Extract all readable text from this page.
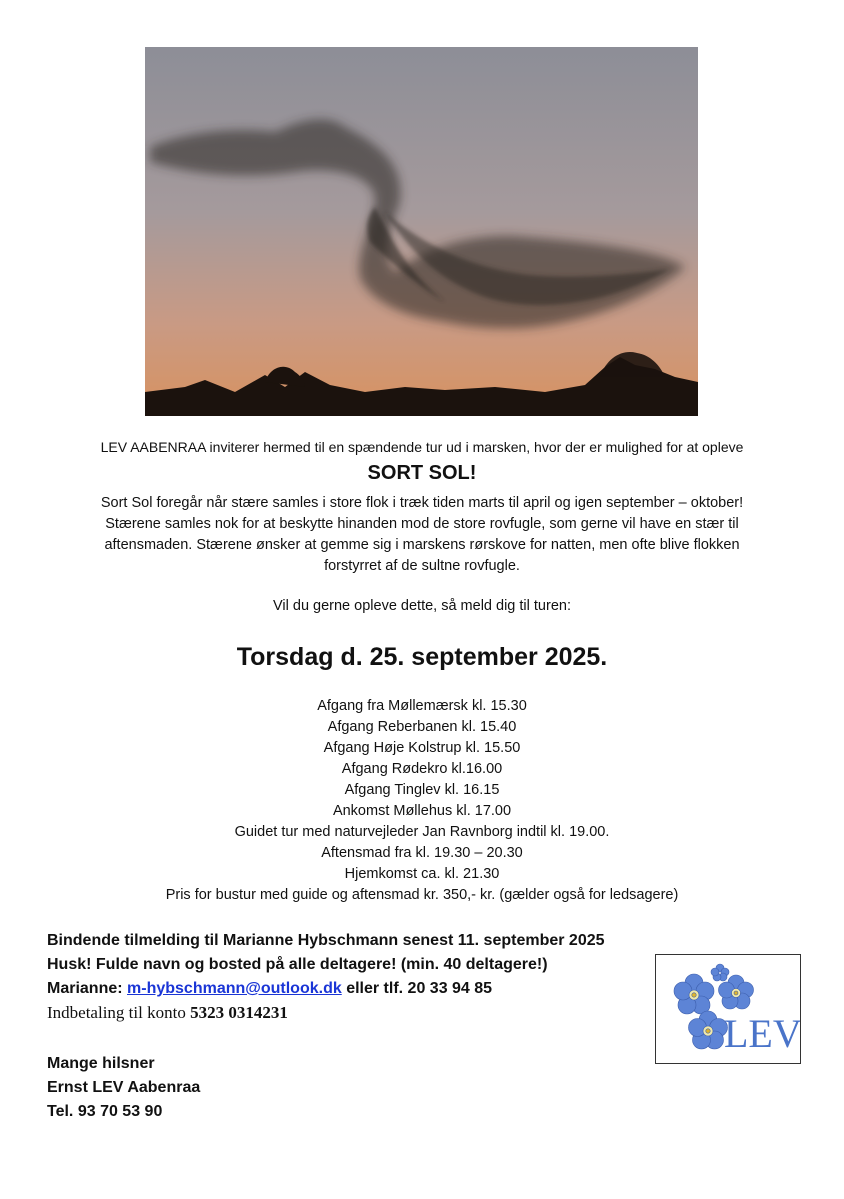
LEV AABENRAA inviterer hermed til en spændende tur ud i marsken, hvor der er mulighed for at opleve
SORT SOL!
Sort Sol foregår når stære samles i store flok i træk tiden marts til april og igen september – oktober!
Stærene samles nok for at beskytte hinanden mod de store rovfugle, som gerne vil have en stær til
aftensmaden. Stærene ønsker at gemme sig i marskens rørskove for natten, men ofte blive flokken
forstyrret af de sultne rovfugle.
Vil du gerne opleve dette, så meld dig til turen:
Torsdag d. 25. september 2025.
Afgang fra Møllemærsk kl. 15.30
Afgang Reberbanen kl. 15.40
Afgang Høje Kolstrup kl. 15.50
Afgang Rødekro kl.16.00
Afgang Tinglev kl. 16.15
Ankomst Møllehus kl. 17.00
Guidet tur med naturvejleder Jan Ravnborg indtil kl. 19.00.
Aftensmad fra kl. 19.30 – 20.30
Hjemkomst ca. kl. 21.30
Pris for bustur med guide og aftensmad kr. 350,- kr. (gælder også for ledsagere)
Bindende tilmelding til Marianne Hybschmann senest 11. september 2025
Husk! Fulde navn og bosted på alle deltagere! (min. 40 deltagere!)
Marianne: m-hybschmann@outlook.dk eller tlf. 20 33 94 85
Indbetaling til konto 5323 0314231
Mange hilsner
Ernst LEV Aabenraa
Tel. 93 70 53 90
LEV
